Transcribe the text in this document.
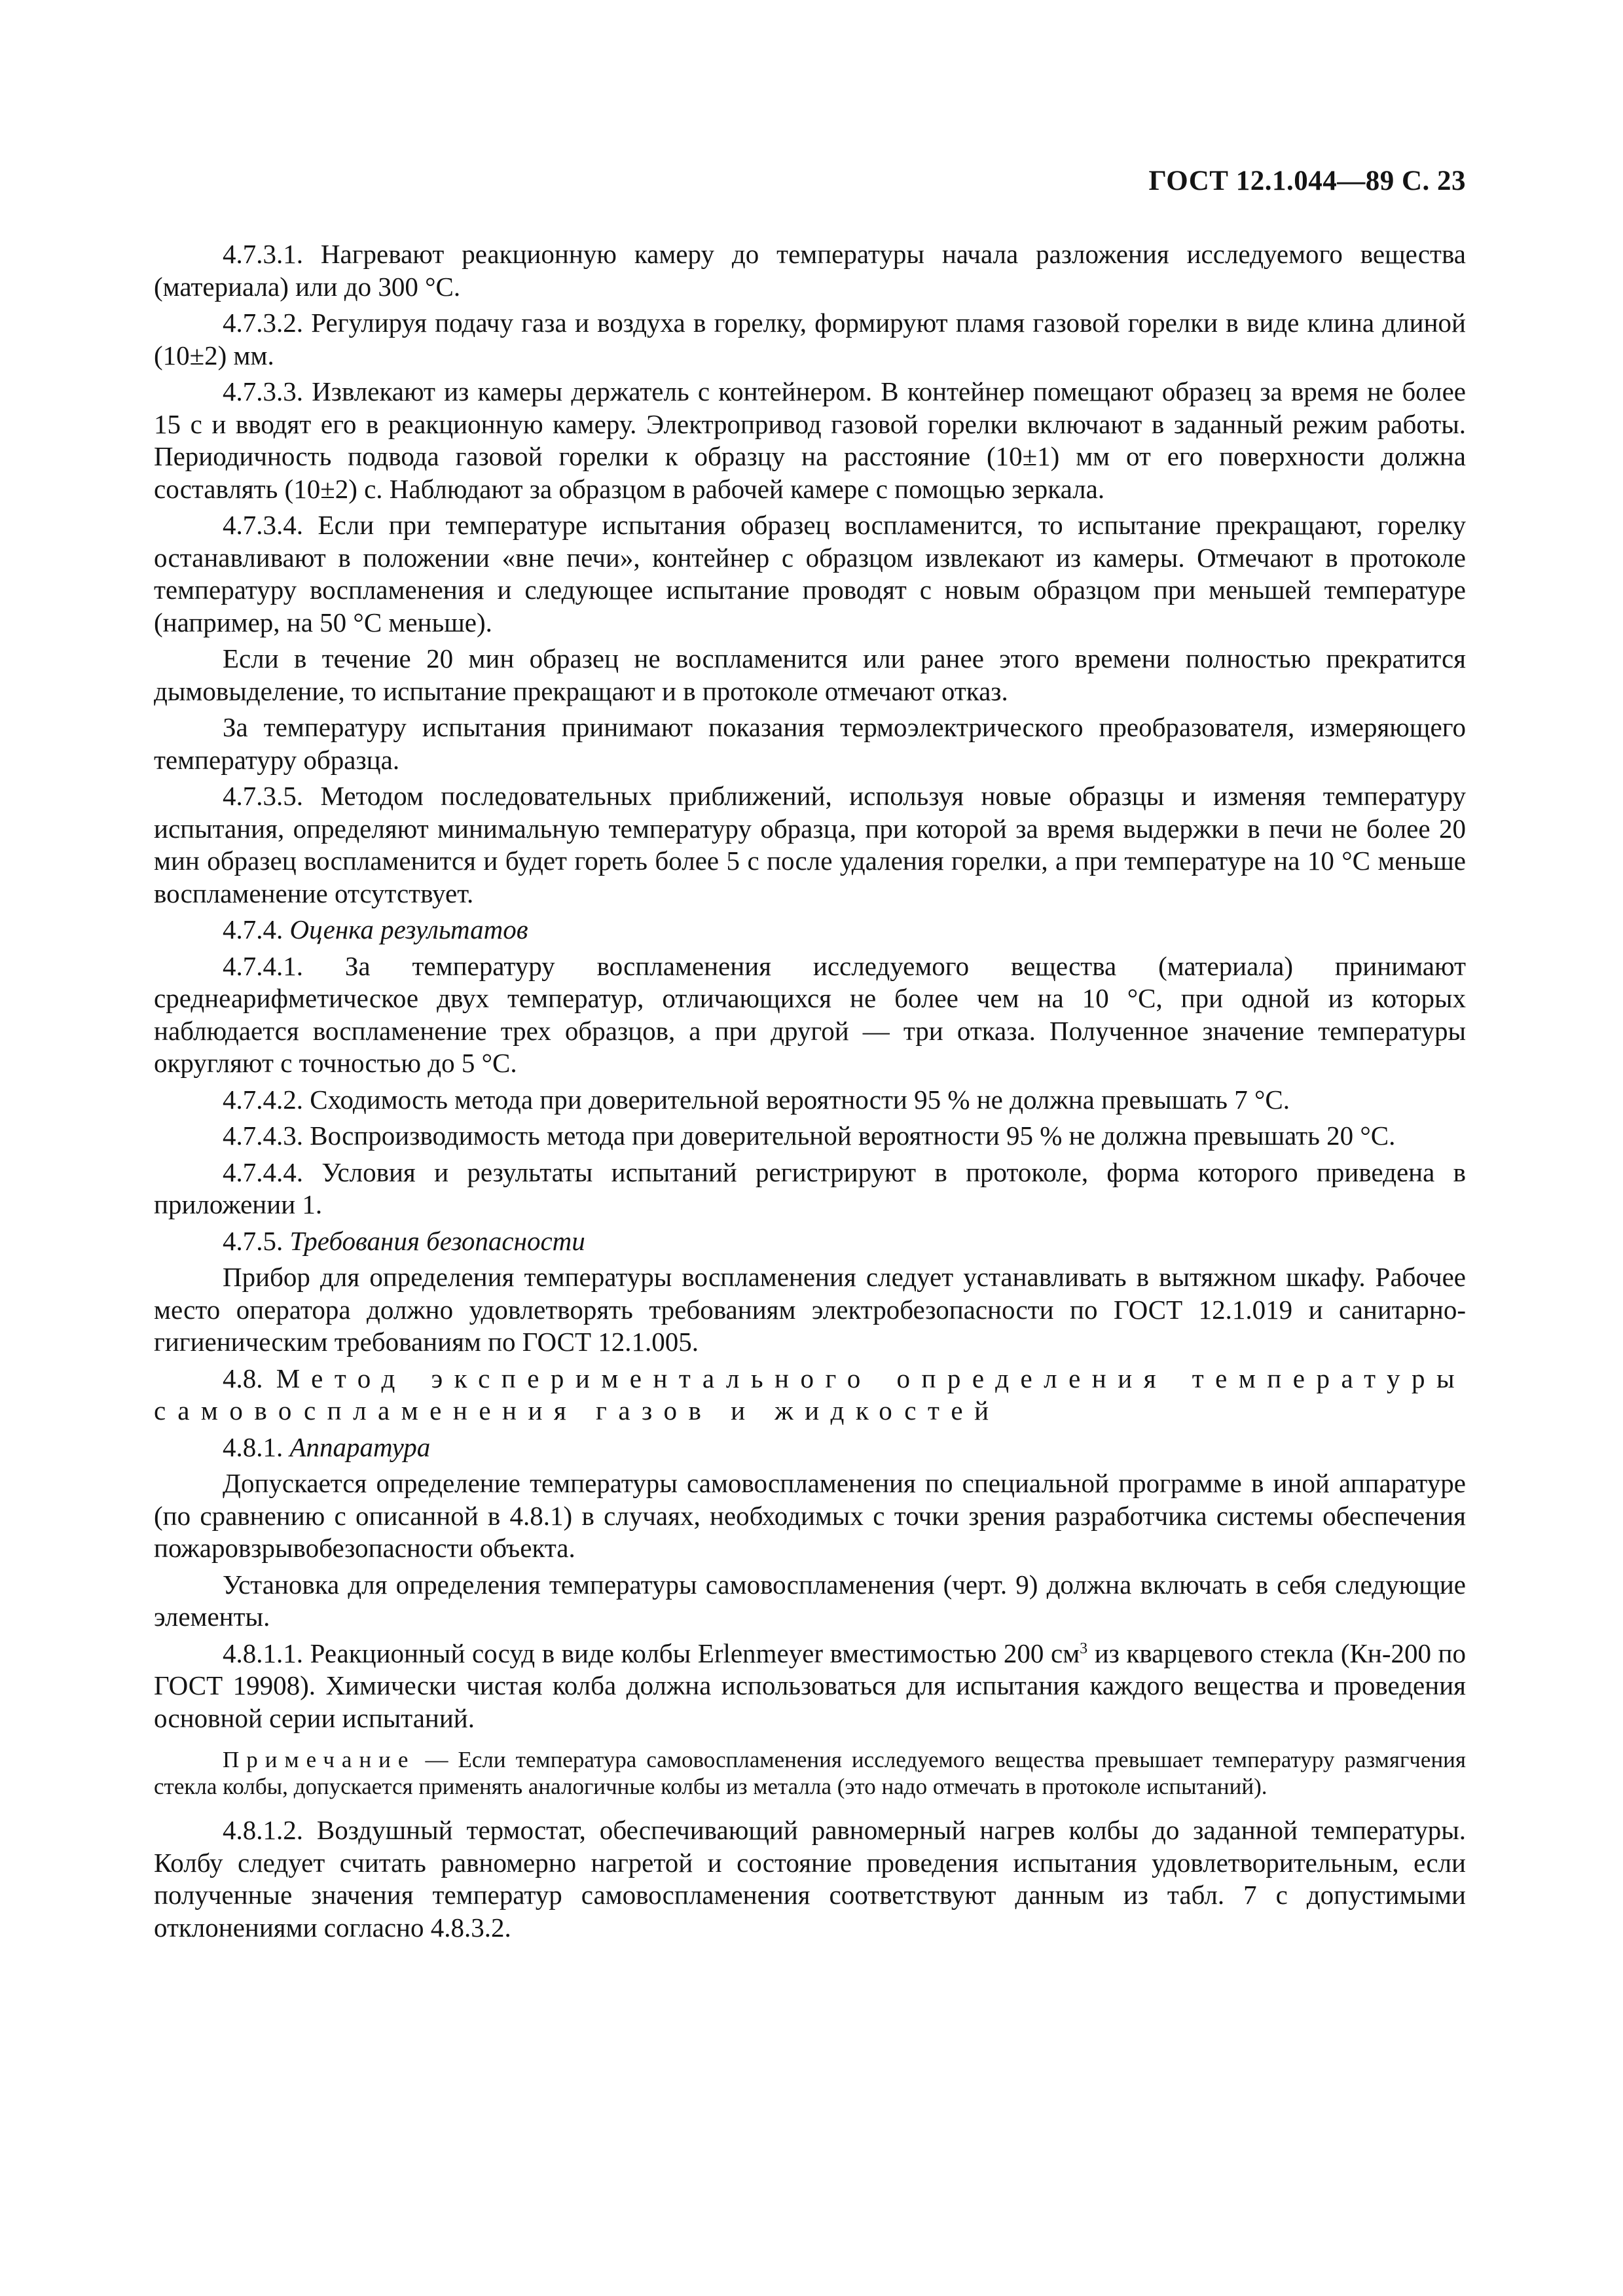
ГОСТ 12.1.044—89 С. 23

4.7.3.1. Нагревают реакционную камеру до температуры начала разложения исследуемого вещества (материала) или до 300 °С.

4.7.3.2. Регулируя подачу газа и воздуха в горелку, формируют пламя газовой горелки в виде клина длиной (10±2) мм.

4.7.3.3. Извлекают из камеры держатель с контейнером. В контейнер помещают образец за время не более 15 с и вводят его в реакционную камеру. Электропривод газовой горелки включают в заданный режим работы. Периодичность подвода газовой горелки к образцу на расстояние (10±1) мм от его поверхности должна составлять (10±2) с. Наблюдают за образцом в рабочей камере с помощью зеркала.

4.7.3.4. Если при температуре испытания образец воспламенится, то испытание прекращают, горелку останавливают в положении «вне печи», контейнер с образцом извлекают из камеры. Отмечают в протоколе температуру воспламенения и следующее испытание проводят с новым образцом при меньшей температуре (например, на 50 °С меньше).

Если в течение 20 мин образец не воспламенится или ранее этого времени полностью прекратится дымовыделение, то испытание прекращают и в протоколе отмечают отказ.

За температуру испытания принимают показания термоэлектрического преобразователя, измеряющего температуру образца.

4.7.3.5. Методом последовательных приближений, используя новые образцы и изменяя температуру испытания, определяют минимальную температуру образца, при которой за время выдержки в печи не более 20 мин образец воспламенится и будет гореть более 5 с после удаления горелки, а при температуре на 10 °С меньше воспламенение отсутствует.

4.7.4. Оценка результатов

4.7.4.1. За температуру воспламенения исследуемого вещества (материала) принимают среднеарифметическое двух температур, отличающихся не более чем на 10 °С, при одной из которых наблюдается воспламенение трех образцов, а при другой — три отказа. Полученное значение температуры округляют с точностью до 5 °С.

4.7.4.2. Сходимость метода при доверительной вероятности 95 % не должна превышать 7 °С.

4.7.4.3. Воспроизводимость метода при доверительной вероятности 95 % не должна превышать 20 °С.

4.7.4.4. Условия и результаты испытаний регистрируют в протоколе, форма которого приведена в приложении 1.

4.7.5. Требования безопасности

Прибор для определения температуры воспламенения следует устанавливать в вытяжном шкафу. Рабочее место оператора должно удовлетворять требованиям электробезопасности по ГОСТ 12.1.019 и санитарно-гигиеническим требованиям по ГОСТ 12.1.005.

4.8. Метод экспериментального определения температуры самовоспламенения газов и жидкостей

4.8.1. Аппаратура

Допускается определение температуры самовоспламенения по специальной программе в иной аппаратуре (по сравнению с описанной в 4.8.1) в случаях, необходимых с точки зрения разработчика системы обеспечения пожаровзрывобезопасности объекта.

Установка для определения температуры самовоспламенения (черт. 9) должна включать в себя следующие элементы.

4.8.1.1. Реакционный сосуд в виде колбы Erlenmeyer вместимостью 200 $см^3$ из кварцевого стекла (Кн-200 по ГОСТ 19908). Химически чистая колба должна использоваться для испытания каждого вещества и проведения основной серии испытаний.

Примечание — Если температура самовоспламенения исследуемого вещества превышает температуру размягчения стекла колбы, допускается применять аналогичные колбы из металла (это надо отмечать в протоколе испытаний).

4.8.1.2. Воздушный термостат, обеспечивающий равномерный нагрев колбы до заданной температуры. Колбу следует считать равномерно нагретой и состояние проведения испытания удовлетворительным, если полученные значения температур самовоспламенения соответствуют данным из табл. 7 с допустимыми отклонениями согласно 4.8.3.2.
